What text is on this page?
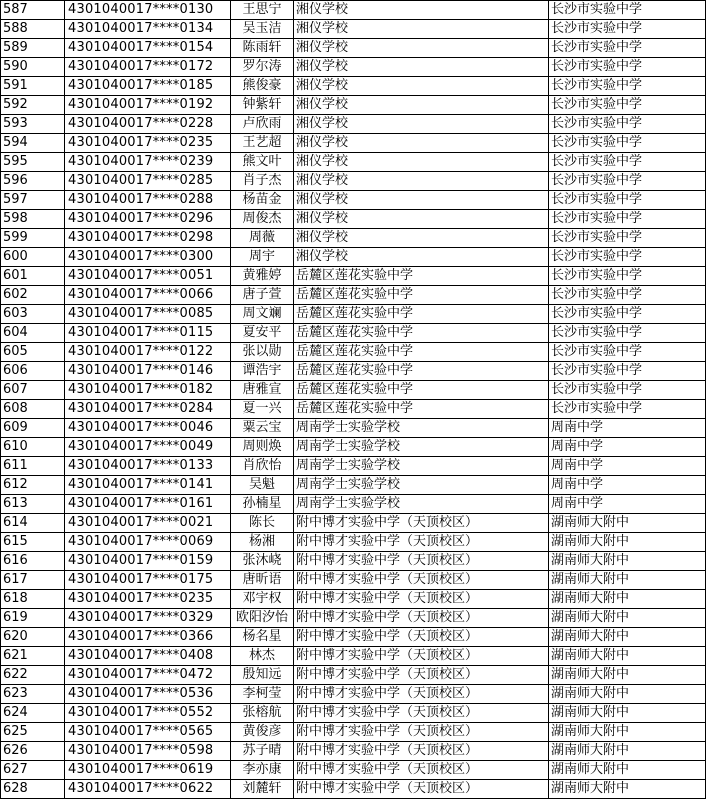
587	4301040017****0130	王思宁	湘仪学校	长沙市实验中学
588	4301040017****0134	吴玉洁	湘仪学校	长沙市实验中学
589	4301040017****0154	陈雨轩	湘仪学校	长沙市实验中学
590	4301040017****0172	罗尔涛	湘仪学校	长沙市实验中学
591	4301040017****0185	熊俊豪	湘仪学校	长沙市实验中学
592	4301040017****0192	钟紫轩	湘仪学校	长沙市实验中学
593	4301040017****0228	卢欣雨	湘仪学校	长沙市实验中学
594	4301040017****0235	王艺超	湘仪学校	长沙市实验中学
595	4301040017****0239	熊文叶	湘仪学校	长沙市实验中学
596	4301040017****0285	肖子杰	湘仪学校	长沙市实验中学
597	4301040017****0288	杨苗金	湘仪学校	长沙市实验中学
598	4301040017****0296	周俊杰	湘仪学校	长沙市实验中学
599	4301040017****0298	周薇	湘仪学校	长沙市实验中学
600	4301040017****0300	周宇	湘仪学校	长沙市实验中学
601	4301040017****0051	黄雅婷	岳麓区莲花实验中学	长沙市实验中学
602	4301040017****0066	唐子萱	岳麓区莲花实验中学	长沙市实验中学
603	4301040017****0085	周文斓	岳麓区莲花实验中学	长沙市实验中学
604	4301040017****0115	夏安平	岳麓区莲花实验中学	长沙市实验中学
605	4301040017****0122	张以勋	岳麓区莲花实验中学	长沙市实验中学
606	4301040017****0146	谭浩宇	岳麓区莲花实验中学	长沙市实验中学
607	4301040017****0182	唐雅宣	岳麓区莲花实验中学	长沙市实验中学
608	4301040017****0284	夏一兴	岳麓区莲花实验中学	长沙市实验中学
609	4301040017****0046	粟云宝	周南学士实验学校	周南中学
610	4301040017****0049	周则焕	周南学士实验学校	周南中学
611	4301040017****0133	肖欣怡	周南学士实验学校	周南中学
612	4301040017****0141	吴魁	周南学士实验学校	周南中学
613	4301040017****0161	孙楠星	周南学士实验学校	周南中学
614	4301040017****0021	陈长	附中博才实验中学（天顶校区）	湖南师大附中
615	4301040017****0069	杨湘	附中博才实验中学（天顶校区）	湖南师大附中
616	4301040017****0159	张沐峣	附中博才实验中学（天顶校区）	湖南师大附中
617	4301040017****0175	唐昕语	附中博才实验中学（天顶校区）	湖南师大附中
618	4301040017****0235	邓宇权	附中博才实验中学（天顶校区）	湖南师大附中
619	4301040017****0329	欧阳汐怡	附中博才实验中学（天顶校区）	湖南师大附中
620	4301040017****0366	杨名星	附中博才实验中学（天顶校区）	湖南师大附中
621	4301040017****0408	林杰	附中博才实验中学（天顶校区）	湖南师大附中
622	4301040017****0472	殷知远	附中博才实验中学（天顶校区）	湖南师大附中
623	4301040017****0536	李柯莹	附中博才实验中学（天顶校区）	湖南师大附中
624	4301040017****0552	张榕航	附中博才实验中学（天顶校区）	湖南师大附中
625	4301040017****0565	黄俊彦	附中博才实验中学（天顶校区）	湖南师大附中
626	4301040017****0598	苏子晴	附中博才实验中学（天顶校区）	湖南师大附中
627	4301040017****0619	李亦康	附中博才实验中学（天顶校区）	湖南师大附中
628	4301040017****0622	刘麓轩	附中博才实验中学（天顶校区）	湖南师大附中
